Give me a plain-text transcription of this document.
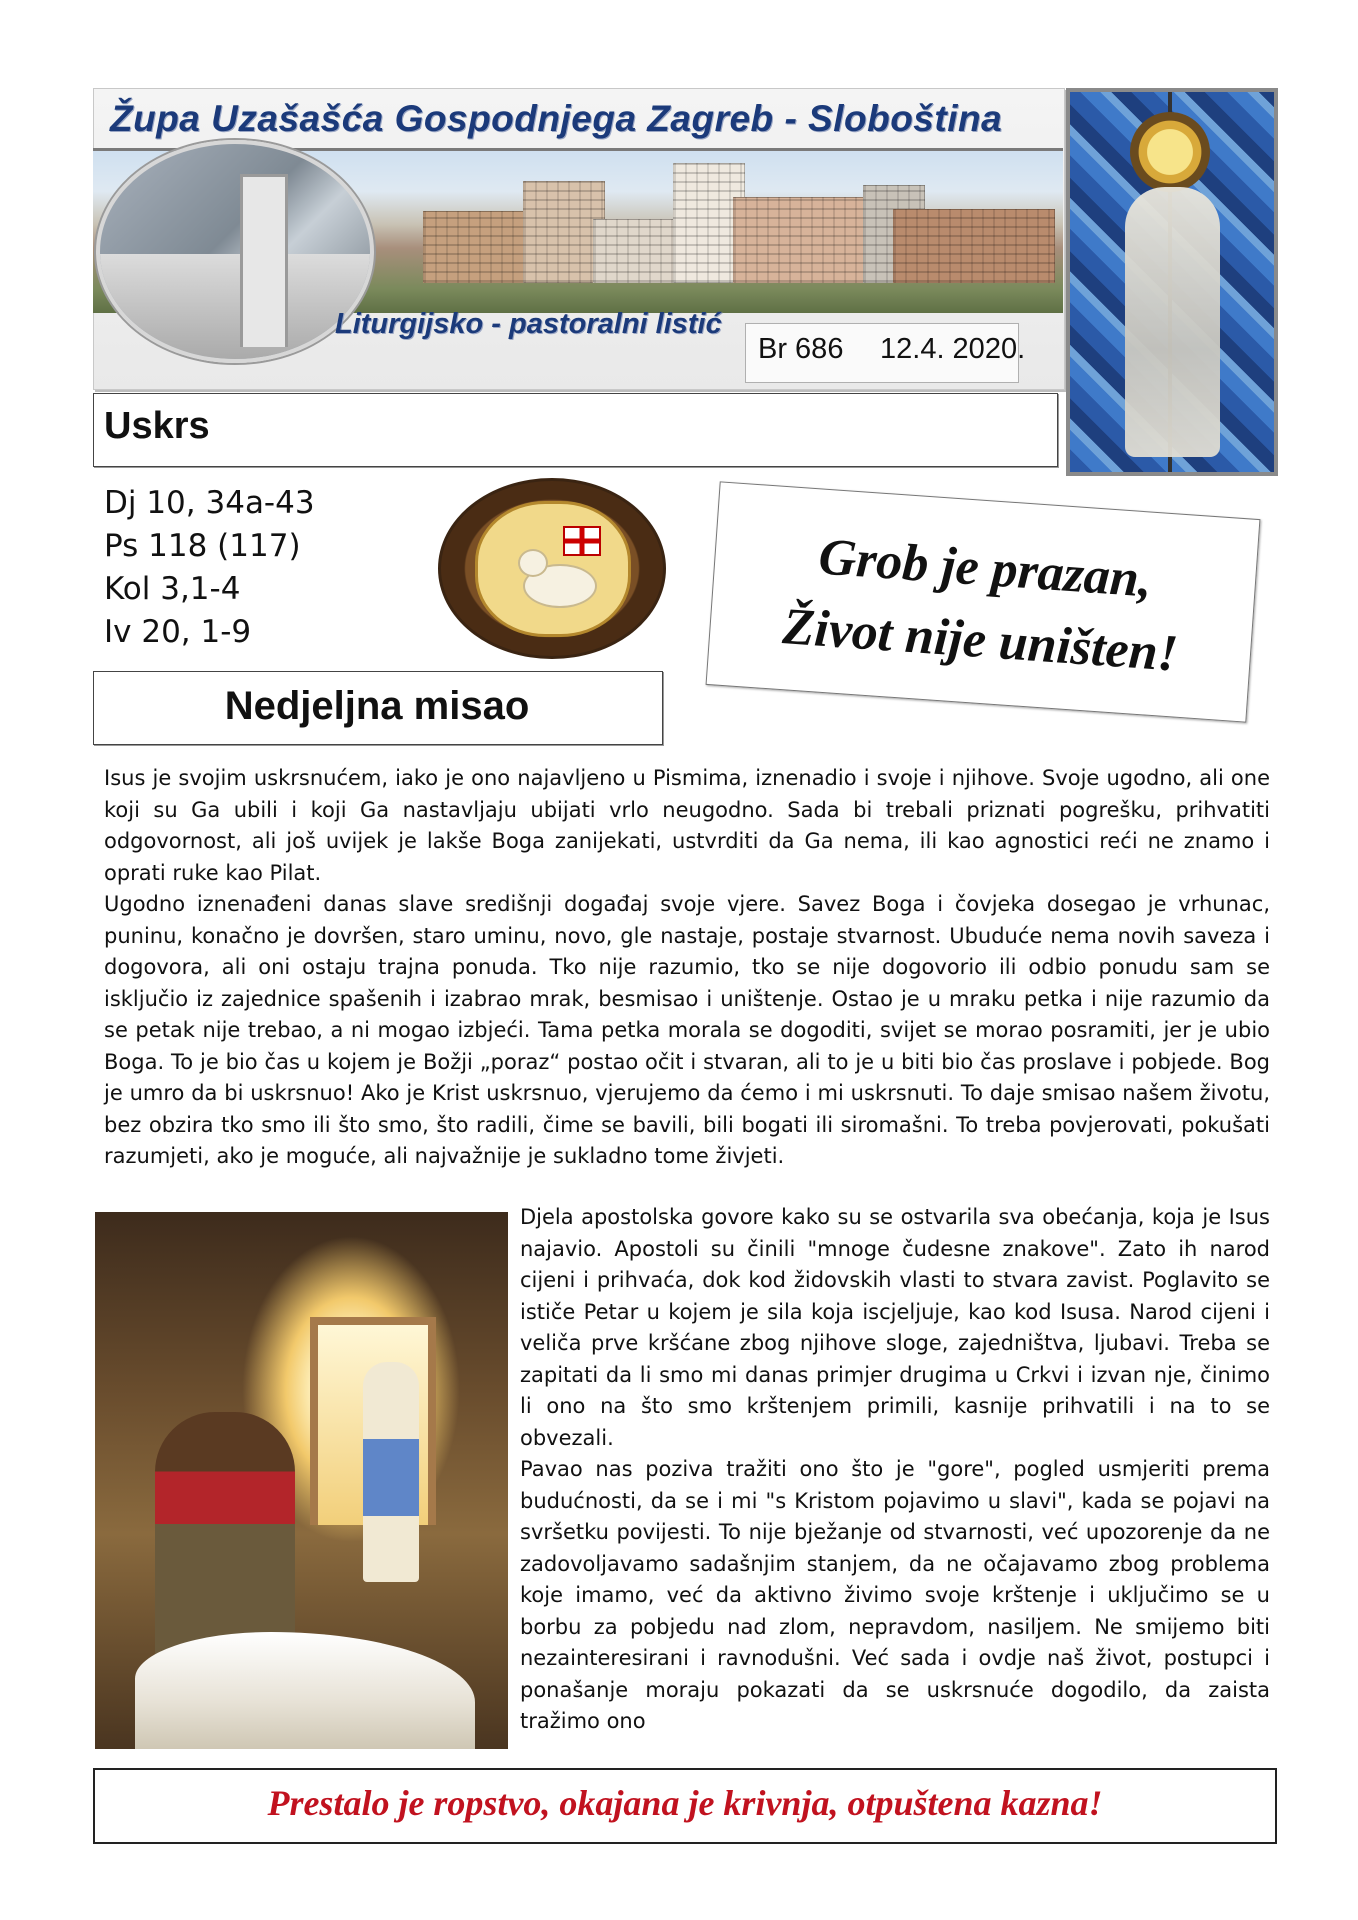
Župa Uzašašća Gospodnjega Zagreb - Sloboština
Liturgijsko - pastoralni listić
Br 686	12.4. 2020.
Uskrs
Dj 10, 34a-43
Ps 118 (117)
Kol 3,1-4
Iv 20, 1-9
Grob je prazan,
Život nije uništen!
Nedjeljna misao

Isus je svojim uskrsnućem, iako je ono najavljeno u Pismima, iznenadio i svoje i njihove. Svoje ugodno, ali one koji su Ga ubili i koji Ga nastavljaju ubijati vrlo neugodno. Sada bi trebali priznati pogrešku, prihvatiti odgovornost, ali još uvijek je lakše Boga zanijekati, ustvrditi da Ga nema, ili kao agnostici reći ne znamo i oprati ruke kao Pilat.

Ugodno iznenađeni danas slave središnji događaj svoje vjere. Savez Boga i čovjeka dosegao je vrhunac, puninu, konačno je dovršen, staro uminu, novo, gle nastaje, postaje stvarnost. Ubuduće nema novih saveza i dogovora, ali oni ostaju trajna ponuda. Tko nije razumio, tko se nije dogovorio ili odbio ponudu sam se isključio iz zajednice spašenih i izabrao mrak, besmisao i uništenje. Ostao je u mraku petka i nije razumio da se petak nije trebao, a ni mogao izbjeći. Tama petka morala se dogoditi, svijet se morao posramiti, jer je ubio Boga. To je bio čas u kojem je Božji „poraz“ postao očit i stvaran, ali to je u biti bio čas proslave i pobjede. Bog je umro da bi uskrsnuo! Ako je Krist uskrsnuo, vjerujemo da ćemo i mi uskrsnuti. To daje smisao našem životu, bez obzira tko smo ili što smo, što radili, čime se bavili, bili bogati ili siromašni. To treba povjerovati, pokušati razumjeti, ako je moguće, ali najvažnije je sukladno tome živjeti.

Djela apostolska govore kako su se ostvarila sva obećanja, koja je Isus najavio. Apostoli su činili "mnoge čudesne znakove". Zato ih narod cijeni i prihvaća, dok kod židovskih vlasti to stvara zavist. Poglavito se ističe Petar u kojem je sila koja iscjeljuje, kao kod Isusa. Narod cijeni i veliča prve kršćane zbog njihove sloge, zajedništva, ljubavi. Treba se zapitati da li smo mi danas primjer drugima u Crkvi i izvan nje, činimo li ono na što smo krštenjem primili, kasnije prihvatili i na to se obvezali.

Pavao nas poziva tražiti ono što je "gore", pogled usmjeriti prema budućnosti, da se i mi "s Kristom pojavimo u slavi", kada se pojavi na svršetku povijesti. To nije bježanje od stvarnosti, već upozorenje da ne zadovoljavamo sadašnjim stanjem, da ne očajavamo zbog problema koje imamo, već da aktivno živimo svoje krštenje i uključimo se u borbu za pobjedu nad zlom, nepravdom, nasiljem. Ne smijemo biti nezainteresirani i ravnodušni. Već sada i ovdje naš život, postupci i ponašanje moraju pokazati da se uskrsnuće dogodilo, da zaista tražimo ono

Prestalo je ropstvo, okajana je krivnja, otpuštena kazna!
